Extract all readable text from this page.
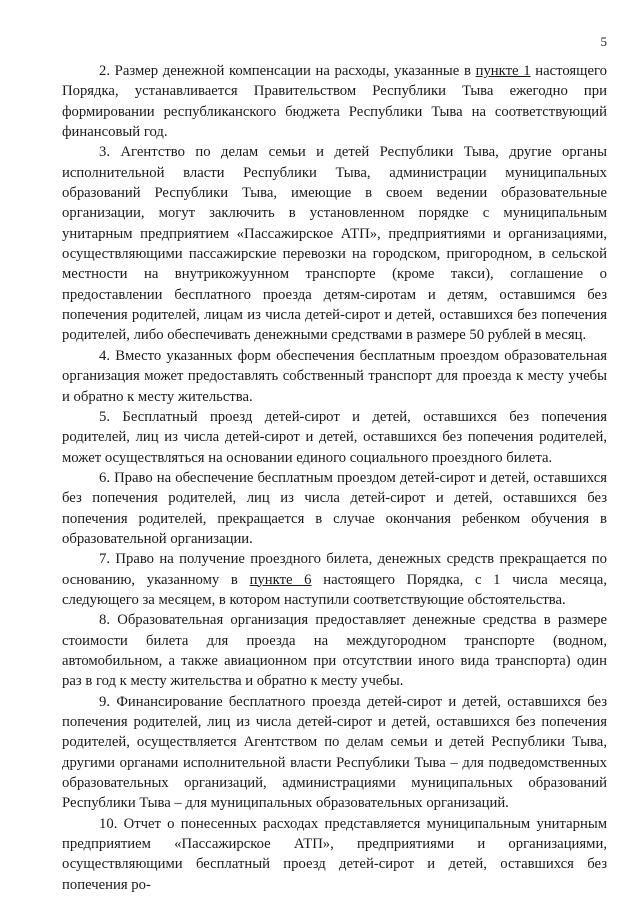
5

2. Размер денежной компенсации на расходы, указанные в пункте 1 настоящего Порядка, устанавливается Правительством Республики Тыва ежегодно при формировании республиканского бюджета Республики Тыва на соответствующий финансовый год.

3. Агентство по делам семьи и детей Республики Тыва, другие органы исполнительной власти Республики Тыва, администрации муниципальных образований Республики Тыва, имеющие в своем ведении образовательные организации, могут заключить в установленном порядке с муниципальным унитарным предприятием «Пассажирское АТП», предприятиями и организациями, осуществляющими пассажирские перевозки на городском, пригородном, в сельской местности на внутрикожуунном транспорте (кроме такси), соглашение о предоставлении бесплатного проезда детям-сиротам и детям, оставшимся без попечения родителей, лицам из числа детей-сирот и детей, оставшихся без попечения родителей, либо обеспечивать денежными средствами в размере 50 рублей в месяц.

4. Вместо указанных форм обеспечения бесплатным проездом образовательная организация может предоставлять собственный транспорт для проезда к месту учебы и обратно к месту жительства.

5. Бесплатный проезд детей-сирот и детей, оставшихся без попечения родителей, лиц из числа детей-сирот и детей, оставшихся без попечения родителей, может осуществляться на основании единого социального проездного билета.

6. Право на обеспечение бесплатным проездом детей-сирот и детей, оставшихся без попечения родителей, лиц из числа детей-сирот и детей, оставшихся без попечения родителей, прекращается в случае окончания ребенком обучения в образовательной организации.

7. Право на получение проездного билета, денежных средств прекращается по основанию, указанному в пункте 6 настоящего Порядка, с 1 числа месяца, следующего за месяцем, в котором наступили соответствующие обстоятельства.

8. Образовательная организация предоставляет денежные средства в размере стоимости билета для проезда на междугородном транспорте (водном, автомобильном, а также авиационном при отсутствии иного вида транспорта) один раз в год к месту жительства и обратно к месту учебы.

9. Финансирование бесплатного проезда детей-сирот и детей, оставшихся без попечения родителей, лиц из числа детей-сирот и детей, оставшихся без попечения родителей, осуществляется Агентством по делам семьи и детей Республики Тыва, другими органами исполнительной власти Республики Тыва – для подведомственных образовательных организаций, администрациями муниципальных образований Республики Тыва – для муниципальных образовательных организаций.

10. Отчет о понесенных расходах представляется муниципальным унитарным предприятием «Пассажирское АТП», предприятиями и организациями, осуществляющими бесплатный проезд детей-сирот и детей, оставшихся без попечения ро-
